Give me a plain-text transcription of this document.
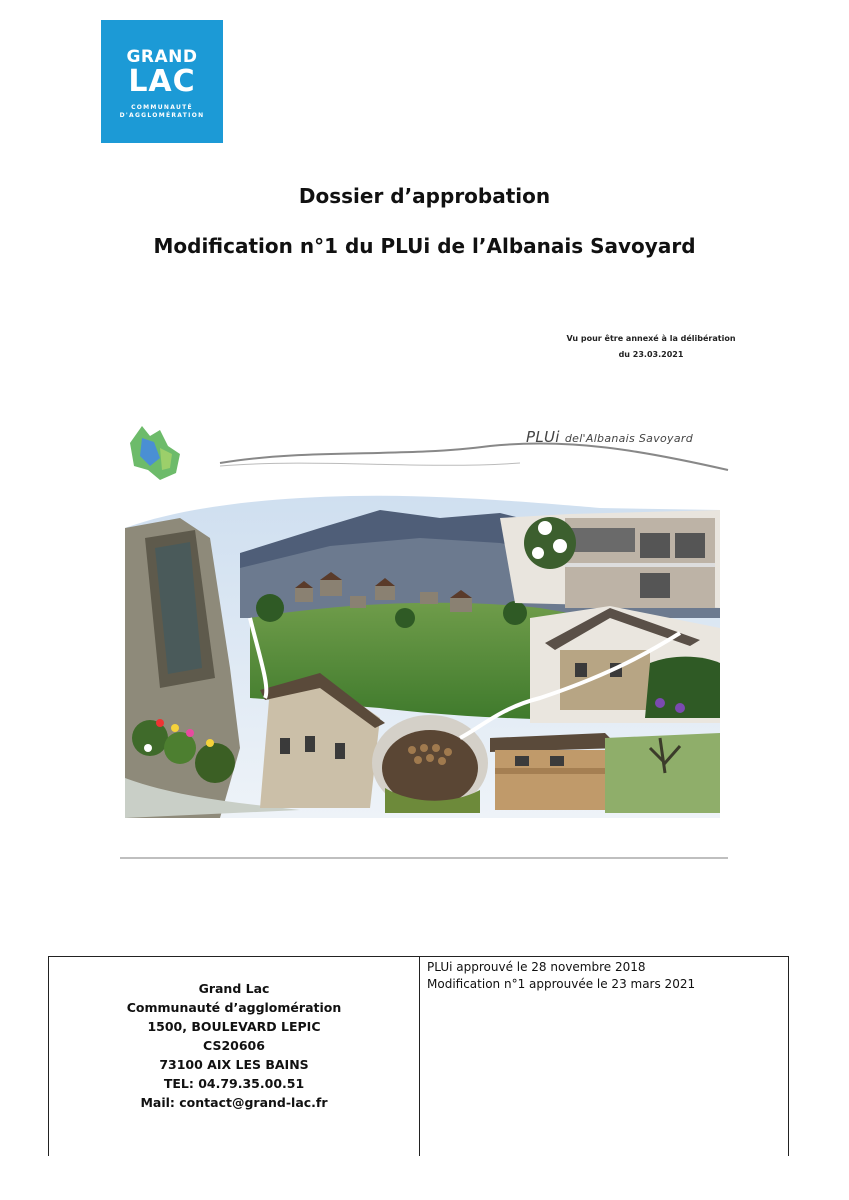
GRAND
LAC
COMMUNAUTÉ
D'AGGLOMÉRATION
Dossier d’approbation
Modification n°1 du PLUi de l’Albanais Savoyard
Vu pour être annexé à la délibération
du 23.03.2021
PLUi del'Albanais Savoyard
Grand Lac
Communauté d’agglomération
1500, BOULEVARD LEPIC
CS20606
73100 AIX LES BAINS
TEL: 04.79.35.00.51
Mail: contact@grand-lac.fr
PLUi approuvé le 28 novembre 2018
Modification n°1 approuvée le 23 mars 2021
